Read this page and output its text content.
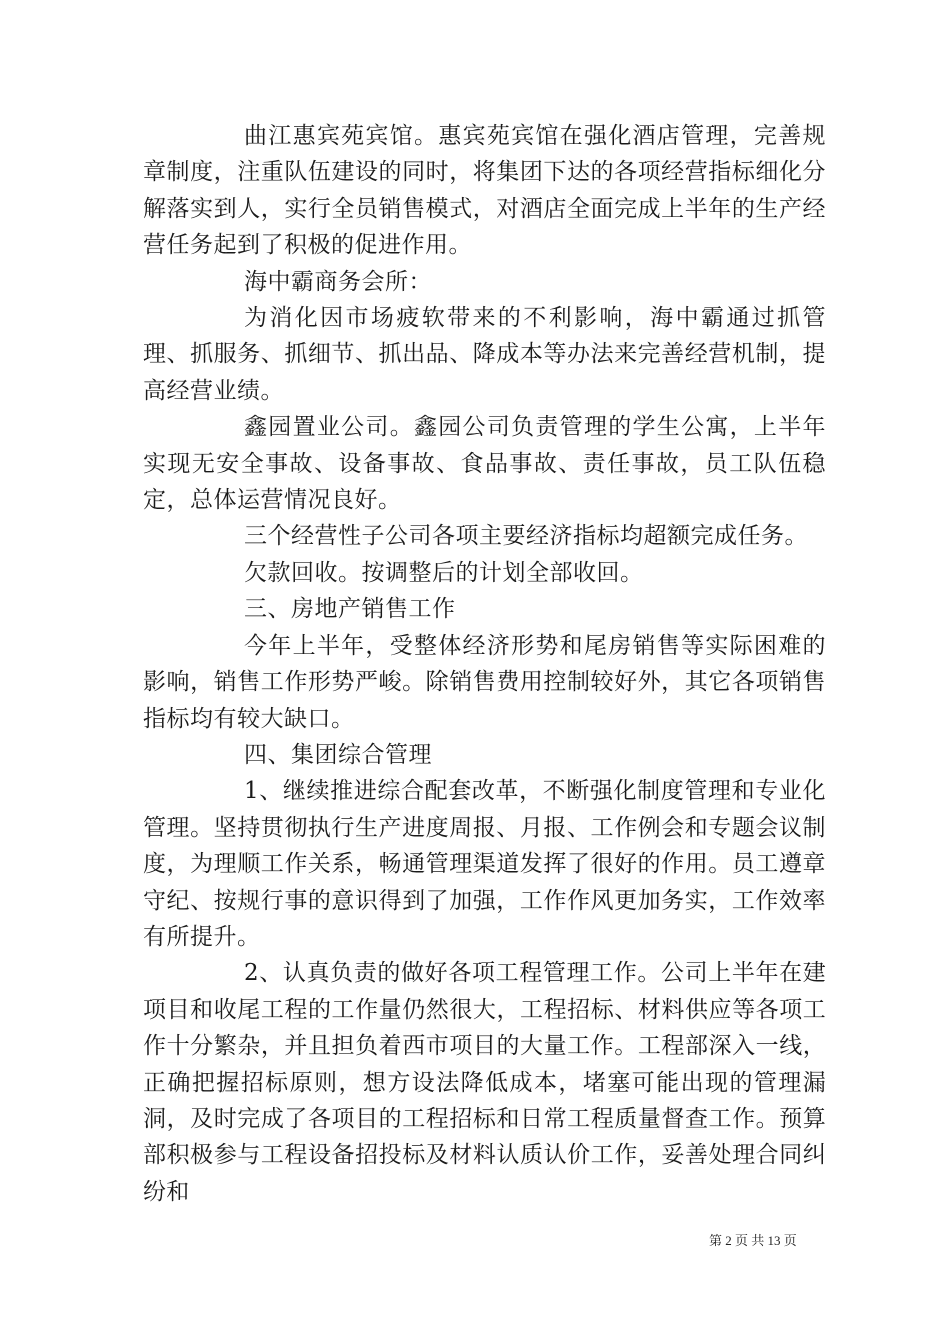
曲江惠宾苑宾馆。惠宾苑宾馆在强化酒店管理，完善规章制度，注重队伍建设的同时，将集团下达的各项经营指标细化分解落实到人，实行全员销售模式，对酒店全面完成上半年的生产经营任务起到了积极的促进作用。

海中霸商务会所：

为消化因市场疲软带来的不利影响，海中霸通过抓管理、抓服务、抓细节、抓出品、降成本等办法来完善经营机制，提高经营业绩。

鑫园置业公司。鑫园公司负责管理的学生公寓，上半年实现无安全事故、设备事故、食品事故、责任事故，员工队伍稳定，总体运营情况良好。

三个经营性子公司各项主要经济指标均超额完成任务。

欠款回收。按调整后的计划全部收回。

三、房地产销售工作

今年上半年，受整体经济形势和尾房销售等实际困难的影响，销售工作形势严峻。除销售费用控制较好外，其它各项销售指标均有较大缺口。

四、集团综合管理

1、继续推进综合配套改革，不断强化制度管理和专业化管理。坚持贯彻执行生产进度周报、月报、工作例会和专题会议制度，为理顺工作关系，畅通管理渠道发挥了很好的作用。员工遵章守纪、按规行事的意识得到了加强，工作作风更加务实，工作效率有所提升。

2、认真负责的做好各项工程管理工作。公司上半年在建项目和收尾工程的工作量仍然很大，工程招标、材料供应等各项工作十分繁杂，并且担负着西市项目的大量工作。工程部深入一线，正确把握招标原则，想方设法降低成本，堵塞可能出现的管理漏洞，及时完成了各项目的工程招标和日常工程质量督查工作。预算部积极参与工程设备招投标及材料认质认价工作，妥善处理合同纠纷和

第 2 页 共 13 页
